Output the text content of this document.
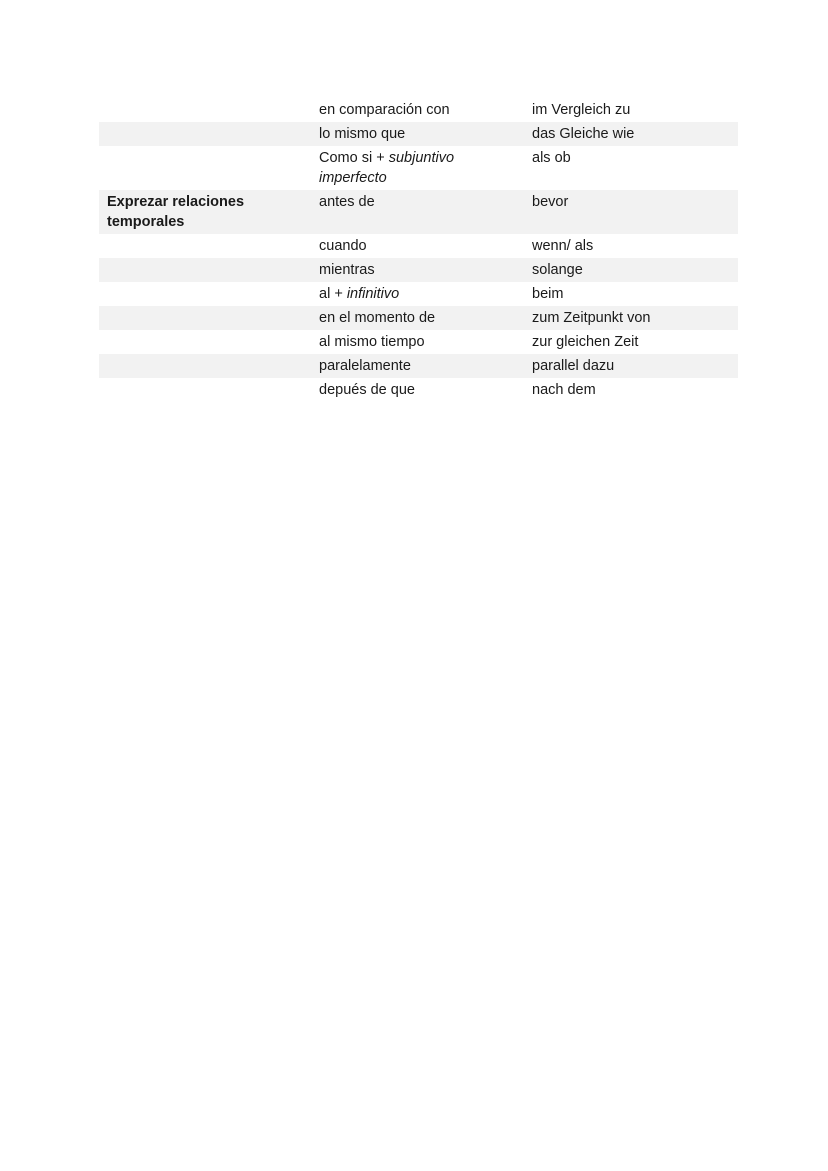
	en comparación con	im Vergleich zu
	lo mismo que	das Gleiche wie
	Como si + subjuntivo imperfecto	als ob
Exprezar relaciones temporales	antes de	bevor
	cuando	wenn/ als
	mientras	solange
	al + infinitivo	beim
	en el momento de	zum Zeitpunkt von
	al mismo tiempo	zur gleichen Zeit
	paralelamente	parallel dazu
	depués de que	nach dem
